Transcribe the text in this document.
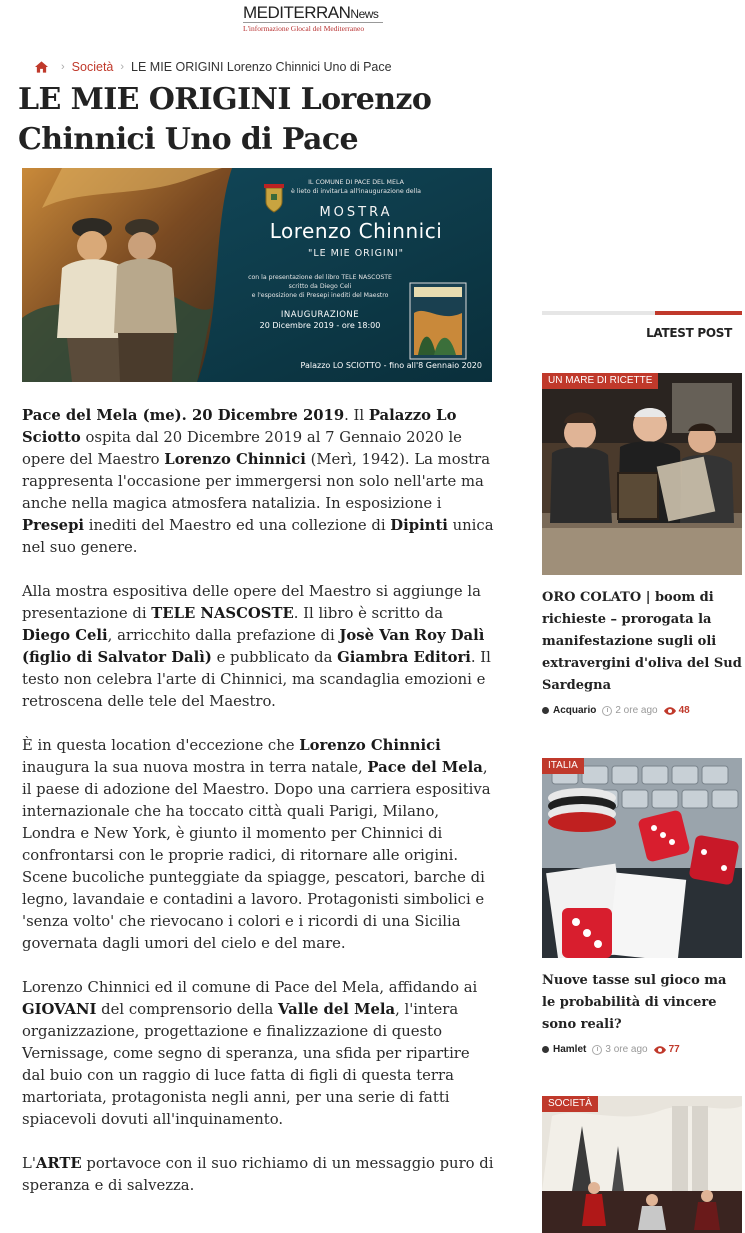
MEDITERRANNews
L'informazione Glocal del Mediterraneo
› Società › LE MIE ORIGINI Lorenzo Chinnici Uno di Pace
LE MIE ORIGINI Lorenzo Chinnici Uno di Pace
IL COMUNE DI PACE DEL MELA
è lieto di invitarLa all'inaugurazione della
MOSTRA
Lorenzo Chinnici
"LE MIE ORIGINI"
con la presentazione del libro TELE NASCOSTE
scritto da Diego Celi
e l'esposizione di Presepi inediti del Maestro
INAUGURAZIONE
20 Dicembre 2019 - ore 18:00
Palazzo LO SCIOTTO - fino all'8 Gennaio 2020

Pace del Mela (me). 20 Dicembre 2019. Il Palazzo Lo Sciotto ospita dal 20 Dicembre 2019 al 7 Gennaio 2020 le opere del Maestro Lorenzo Chinnici (Merì, 1942). La mostra rappresenta l'occasione per immergersi non solo nell'arte ma anche nella magica atmosfera natalizia. In esposizione i Presepi inediti del Maestro ed una collezione di Dipinti unica nel suo genere.

Alla mostra espositiva delle opere del Maestro si aggiunge la presentazione di TELE NASCOSTE. Il libro è scritto da Diego Celi, arricchito dalla prefazione di Josè Van Roy Dalì (figlio di Salvator Dalì) e pubblicato da Giambra Editori. Il testo non celebra l'arte di Chinnici, ma scandaglia emozioni e retroscena delle tele del Maestro.

È in questa location d'eccezione che Lorenzo Chinnici inaugura la sua nuova mostra in terra natale, Pace del Mela, il paese di adozione del Maestro. Dopo una carriera espositiva internazionale che ha toccato città quali Parigi, Milano, Londra e New York, è giunto il momento per Chinnici di confrontarsi con le proprie radici, di ritornare alle origini. Scene bucoliche punteggiate da spiagge, pescatori, barche di legno, lavandaie e contadini a lavoro. Protagonisti simbolici e 'senza volto' che rievocano i colori e i ricordi di una Sicilia governata dagli umori del cielo e del mare.

Lorenzo Chinnici ed il comune di Pace del Mela, affidando ai GIOVANI del comprensorio della Valle del Mela, l'intera organizzazione, progettazione e finalizzazione di questo Vernissage, come segno di speranza, una sfida per ripartire dal buio con un raggio di luce fatta di figli di questa terra martoriata, protagonista negli anni, per una serie di fatti spiacevoli dovuti all'inquinamento.

L'ARTE portavoce con il suo richiamo di un messaggio puro di speranza e di salvezza.

LATEST POST
UN MARE DI RICETTE
ORO COLATO | boom di richieste – prorogata la manifestazione sugli oli extravergini d'oliva del Sud Sardegna
Acquario 2 ore ago 48
ITALIA
Nuove tasse sul gioco ma le probabilità di vincere sono reali?
Hamlet 3 ore ago 77
SOCIETÀ
